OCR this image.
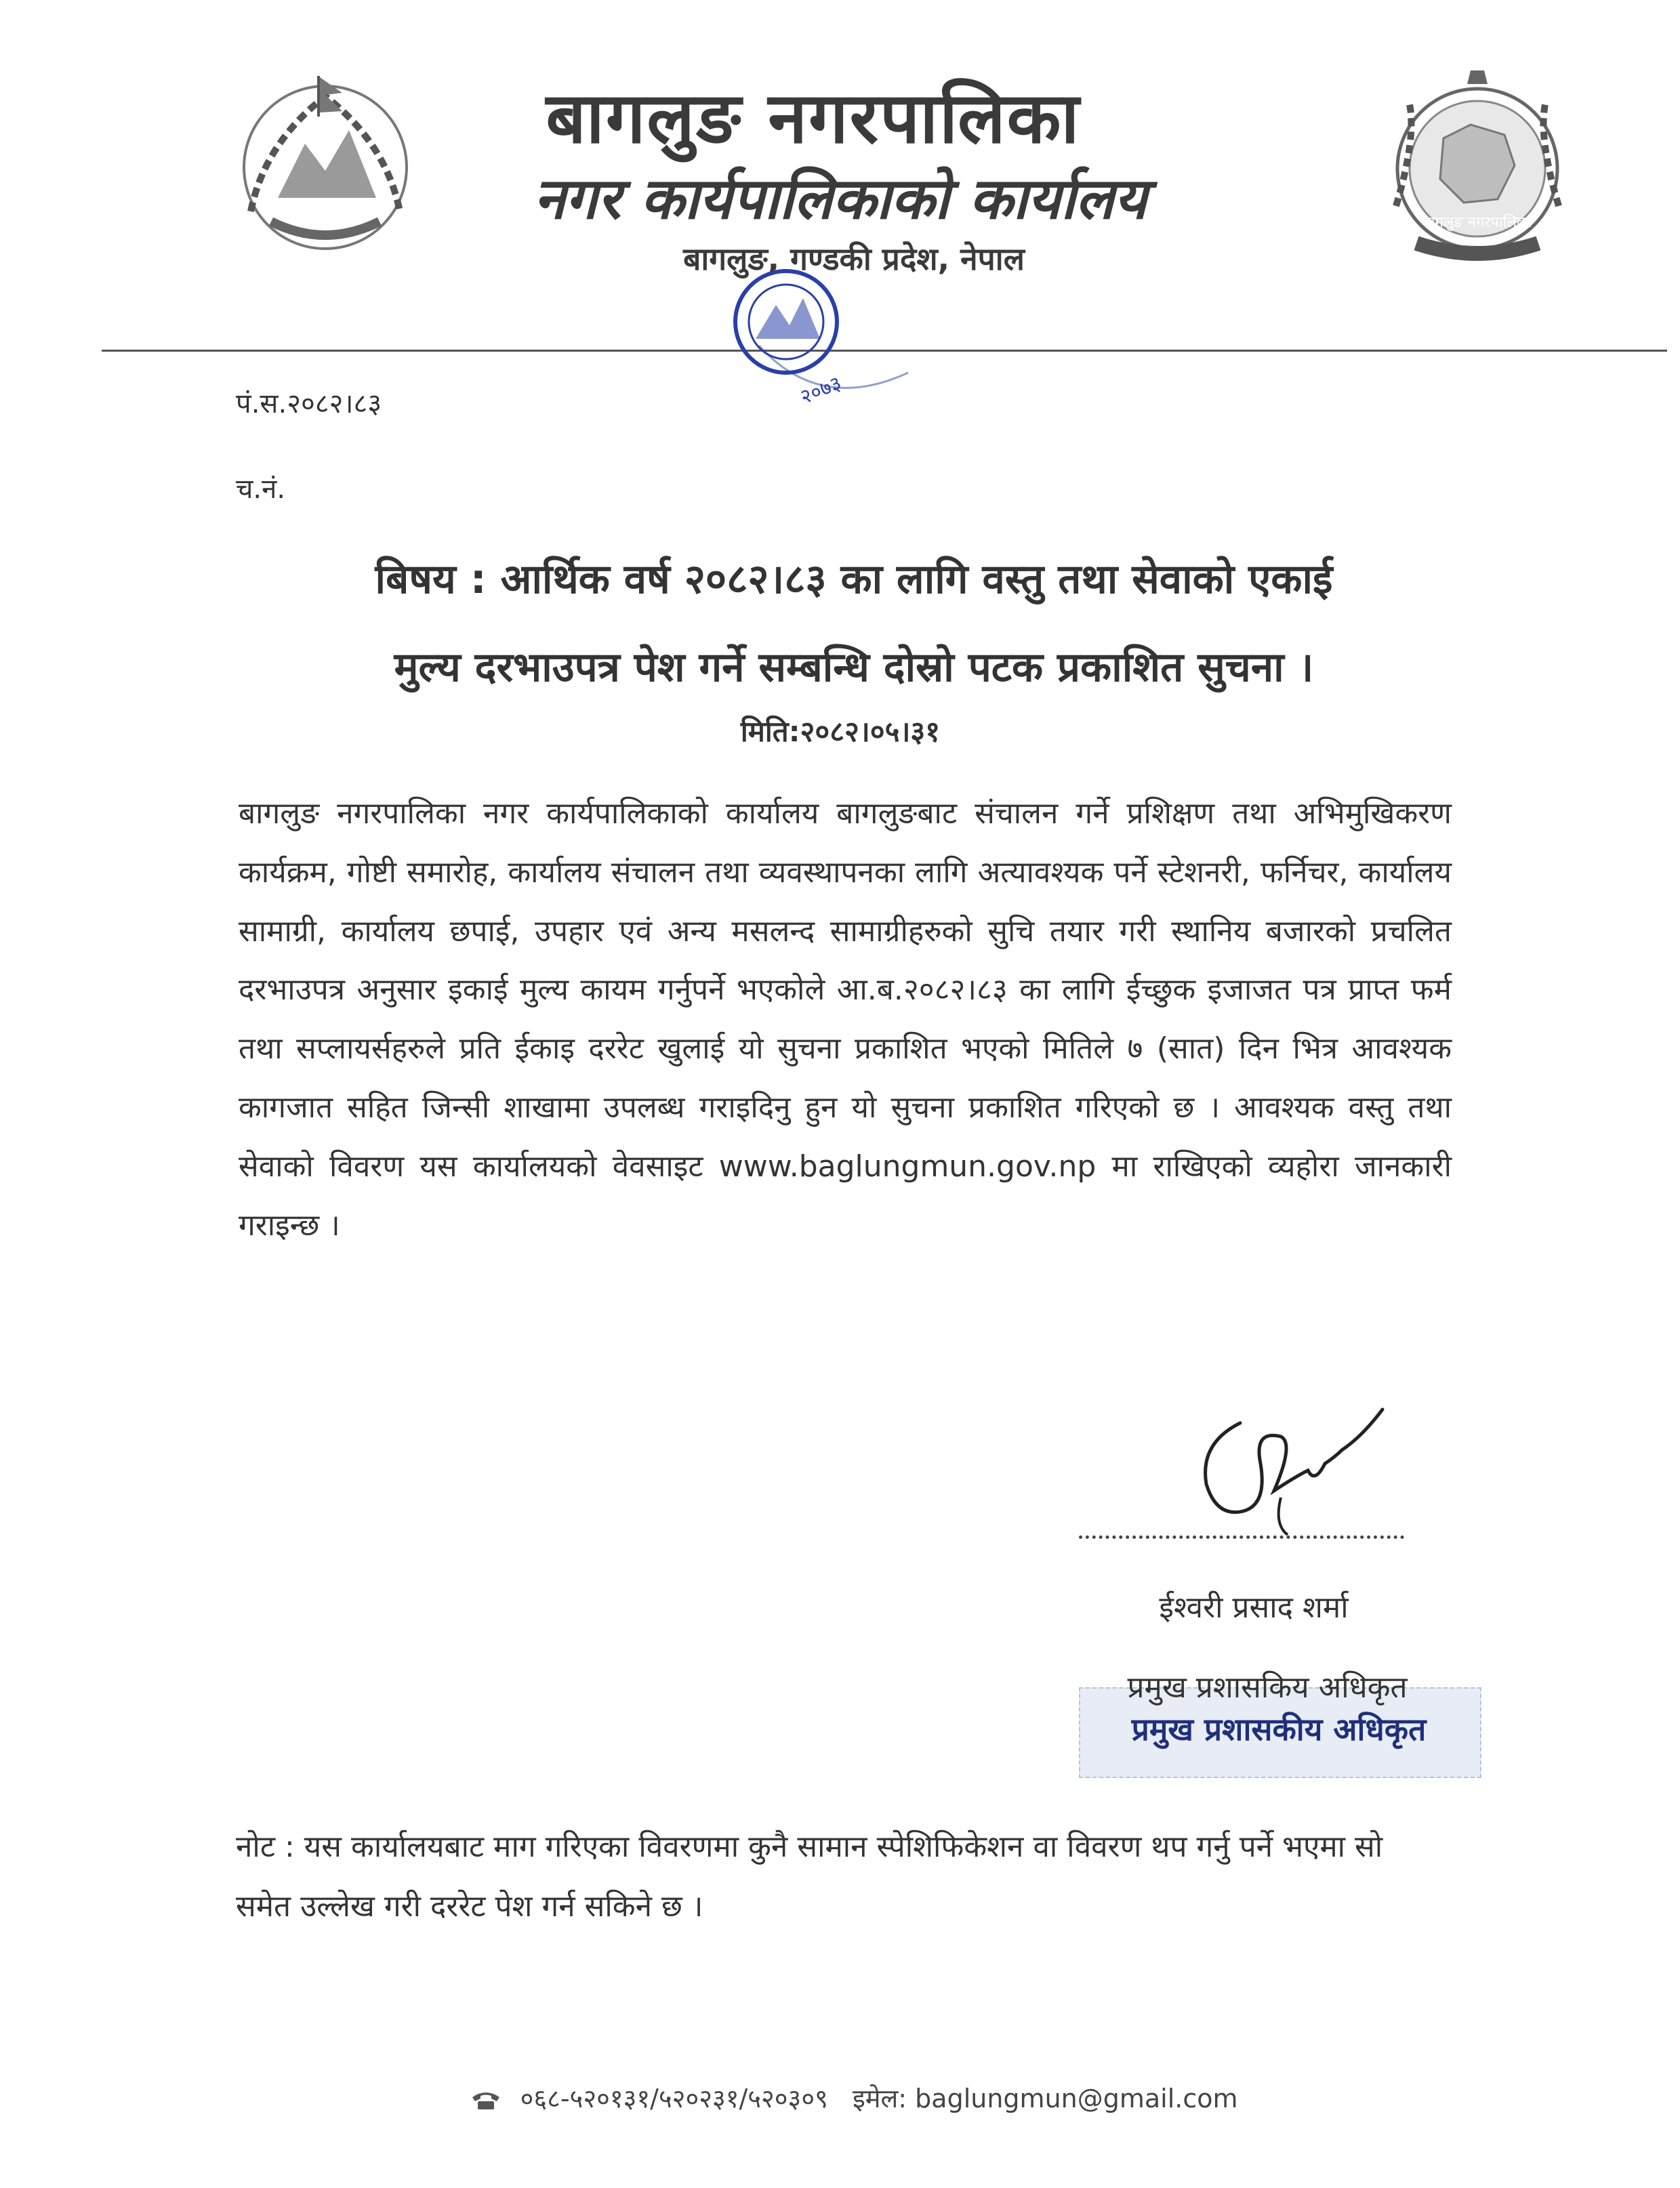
बागलुङ नगरपालिका
बागलुङ नगरपालिका
नगर कार्यपालिकाको कार्यालय
बागलुङ, गण्डकी प्रदेश, नेपाल
२०७३
पं.स.२०८२।८३
च.नं.
बिषय : आर्थिक वर्ष २०८२।८३ का लागि वस्तु तथा सेवाको एकाई
मुल्य दरभाउपत्र पेश गर्ने सम्बन्धि दोस्रो पटक प्रकाशित सुचना ।
मिति:२०८२।०५।३१
बागलुङ नगरपालिका नगर कार्यपालिकाको कार्यालय बागलुङबाट संचालन गर्ने प्रशिक्षण तथा अभिमुखिकरण कार्यक्रम, गोष्टी समारोह, कार्यालय संचालन तथा व्यवस्थापनका लागि अत्यावश्यक पर्ने स्टेशनरी, फर्निचर, कार्यालय सामाग्री, कार्यालय छपाई, उपहार एवं अन्य मसलन्द सामाग्रीहरुको सुचि तयार गरी स्थानिय बजारको प्रचलित दरभाउपत्र अनुसार इकाई मुल्य कायम गर्नुपर्ने भएकोले आ.ब.२०८२।८३ का लागि ईच्छुक इजाजत पत्र प्राप्त फर्म तथा सप्लायर्सहरुले प्रति ईकाइ दररेट खुलाई यो सुचना प्रकाशित भएको मितिले ७ (सात) दिन भित्र आवश्यक कागजात सहित जिन्सी शाखामा उपलब्ध गराइदिनु हुन यो सुचना प्रकाशित गरिएको छ । आवश्यक वस्तु तथा सेवाको विवरण यस कार्यालयको वेवसाइट www.baglungmun.gov.np मा राखिएको व्यहोरा जानकारी गराइन्छ ।
ईश्वरी प्रसाद शर्मा
प्रमुख प्रशासकिय अधिकृत
प्रमुख प्रशासकीय अधिकृत
नोट : यस कार्यालयबाट माग गरिएका विवरणमा कुनै सामान स्पेशिफिकेशन वा विवरण थप गर्नु पर्ने भएमा सो समेत उल्लेख गरी दररेट पेश गर्न सकिने छ ।
०६८-५२०१३१/५२०२३१/५२०३०९ इमेल: baglungmun@gmail.com
